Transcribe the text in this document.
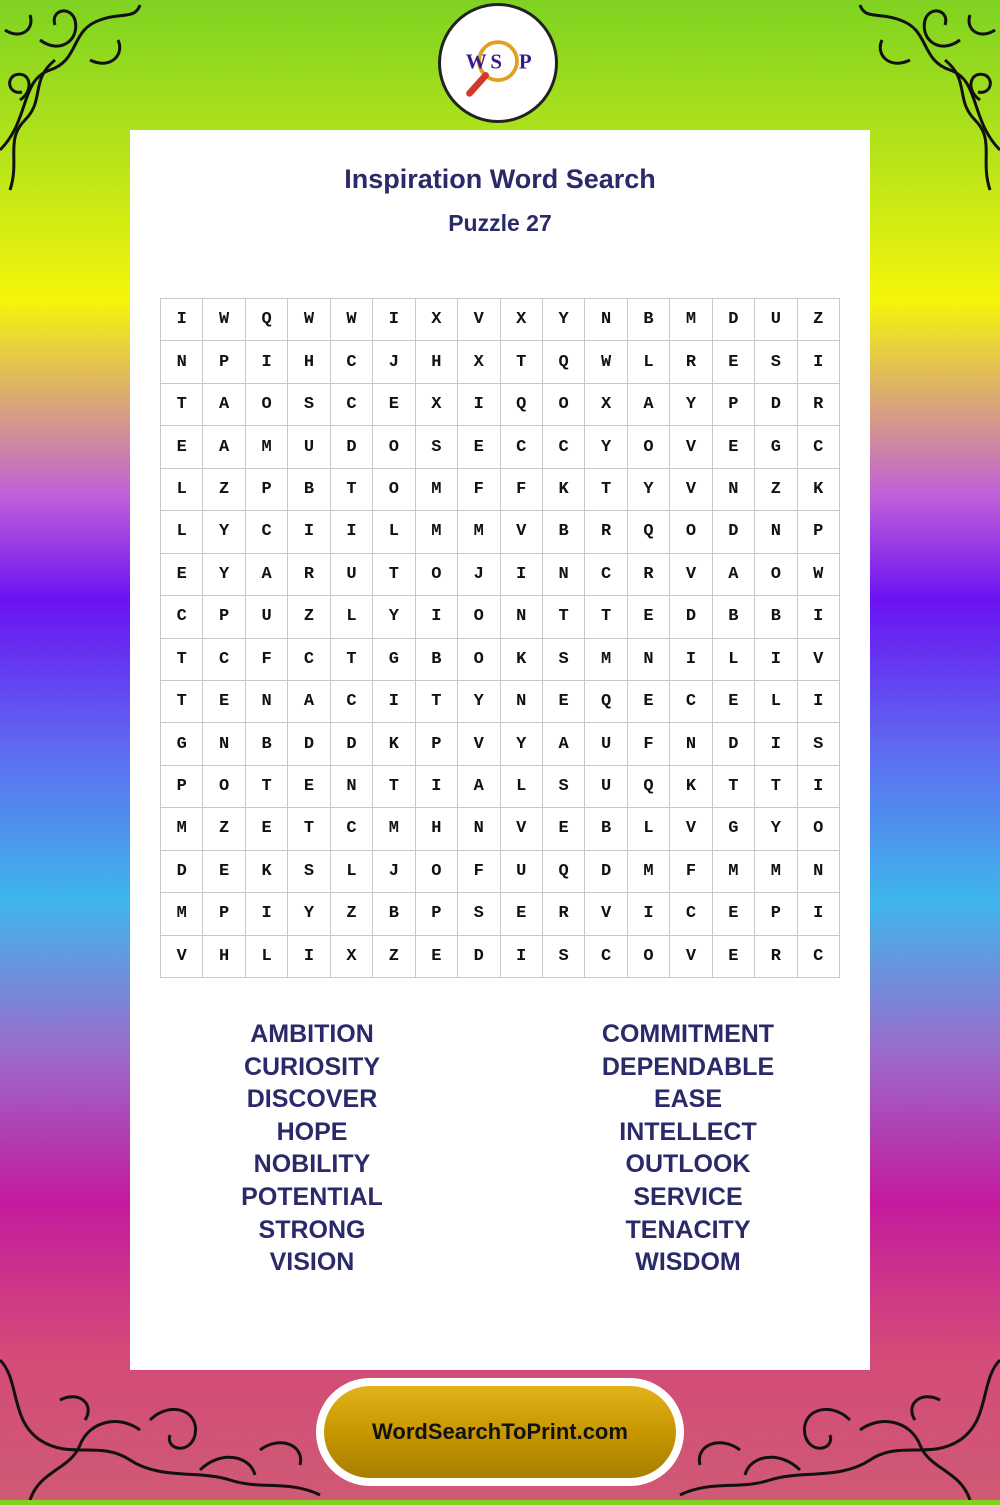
W S P
Inspiration Word Search
Puzzle 27
I	W	Q	W	W	I	X	V	X	Y	N	B	M	D	U	Z
N	P	I	H	C	J	H	X	T	Q	W	L	R	E	S	I
T	A	O	S	C	E	X	I	Q	O	X	A	Y	P	D	R
E	A	M	U	D	O	S	E	C	C	Y	O	V	E	G	C
L	Z	P	B	T	O	M	F	F	K	T	Y	V	N	Z	K
L	Y	C	I	I	L	M	M	V	B	R	Q	O	D	N	P
E	Y	A	R	U	T	O	J	I	N	C	R	V	A	O	W
C	P	U	Z	L	Y	I	O	N	T	T	E	D	B	B	I
T	C	F	C	T	G	B	O	K	S	M	N	I	L	I	V
T	E	N	A	C	I	T	Y	N	E	Q	E	C	E	L	I
G	N	B	D	D	K	P	V	Y	A	U	F	N	D	I	S
P	O	T	E	N	T	I	A	L	S	U	Q	K	T	T	I
M	Z	E	T	C	M	H	N	V	E	B	L	V	G	Y	O
D	E	K	S	L	J	O	F	U	Q	D	M	F	M	M	N
M	P	I	Y	Z	B	P	S	E	R	V	I	C	E	P	I
V	H	L	I	X	Z	E	D	I	S	C	O	V	E	R	C
AMBITION
CURIOSITY
DISCOVER
HOPE
NOBILITY
POTENTIAL
STRONG
VISION
COMMITMENT
DEPENDABLE
EASE
INTELLECT
OUTLOOK
SERVICE
TENACITY
WISDOM
WordSearchToPrint.com
